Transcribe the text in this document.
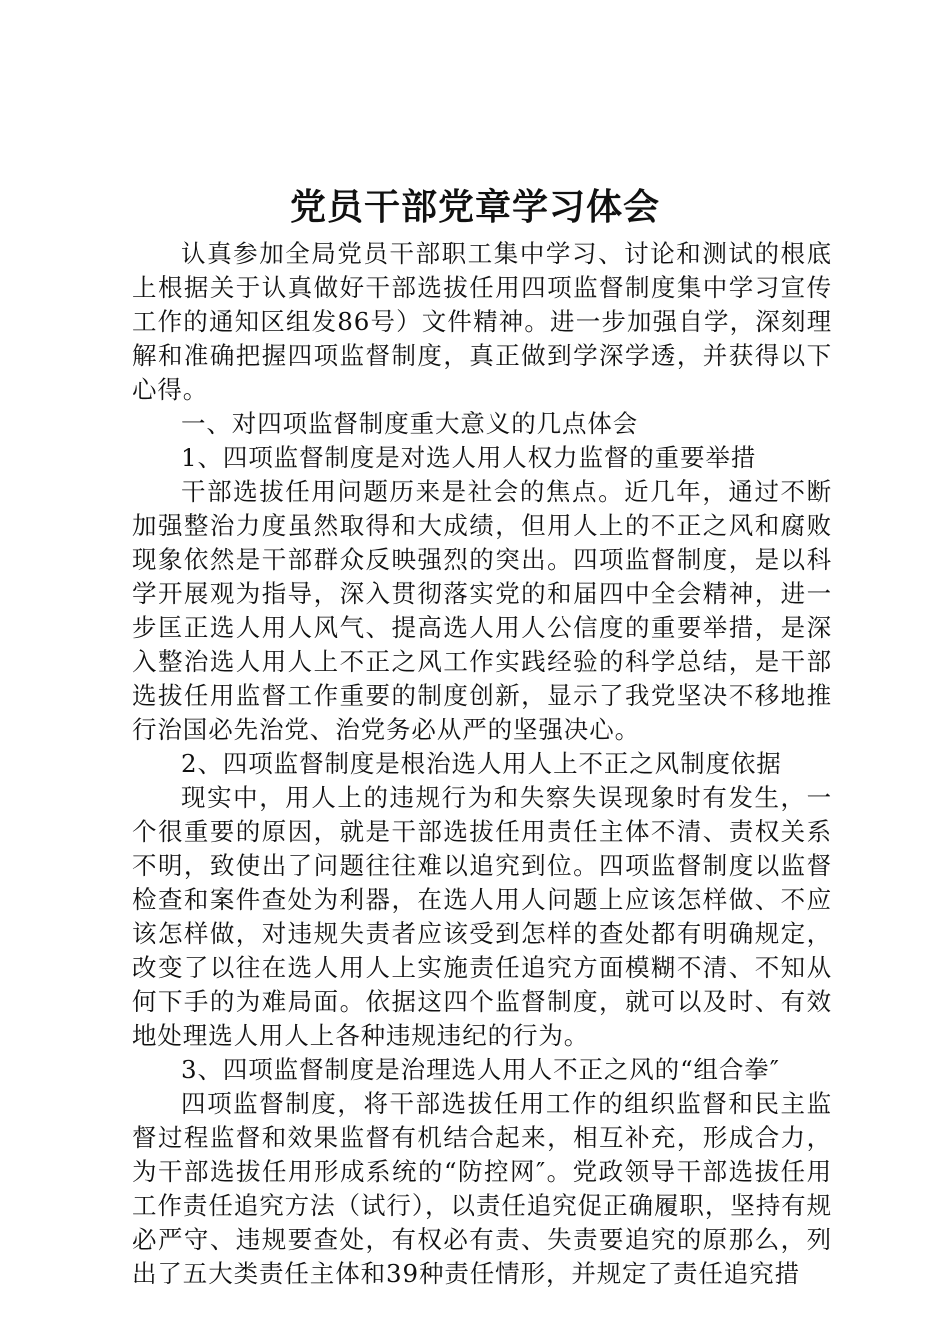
党员干部党章学习体会

认真参加全局党员干部职工集中学习、讨论和测试的根底上根据关于认真做好干部选拔任用四项监督制度集中学习宣传工作的通知区组发86号）文件精神。进一步加强自学，深刻理解和准确把握四项监督制度，真正做到学深学透，并获得以下心得。

一、对四项监督制度重大意义的几点体会

1、四项监督制度是对选人用人权力监督的重要举措

干部选拔任用问题历来是社会的焦点。近几年，通过不断加强整治力度虽然取得和大成绩，但用人上的不正之风和腐败现象依然是干部群众反映强烈的突出。四项监督制度，是以科学开展观为指导，深入贯彻落实党的和届四中全会精神，进一步匡正选人用人风气、提高选人用人公信度的重要举措，是深入整治选人用人上不正之风工作实践经验的科学总结，是干部选拔任用监督工作重要的制度创新，显示了我党坚决不移地推行治国必先治党、治党务必从严的坚强决心。

2、四项监督制度是根治选人用人上不正之风制度依据

现实中，用人上的违规行为和失察失误现象时有发生，一个很重要的原因，就是干部选拔任用责任主体不清、责权关系不明，致使出了问题往往难以追究到位。四项监督制度以监督检查和案件查处为利器，在选人用人问题上应该怎样做、不应该怎样做，对违规失责者应该受到怎样的查处都有明确规定，改变了以往在选人用人上实施责任追究方面模糊不清、不知从何下手的为难局面。依据这四个监督制度，就可以及时、有效地处理选人用人上各种违规违纪的行为。

3、四项监督制度是治理选人用人不正之风的“组合拳″

四项监督制度，将干部选拔任用工作的组织监督和民主监督过程监督和效果监督有机结合起来，相互补充，形成合力，为干部选拔任用形成系统的“防控网″。党政领导干部选拔任用工作责任追究方法（试行），以责任追究促正确履职，坚持有规必严守、违规要查处，有权必有责、失责要追究的原那么，列出了五大类责任主体和39种责任情形，并规定了责任追究措
